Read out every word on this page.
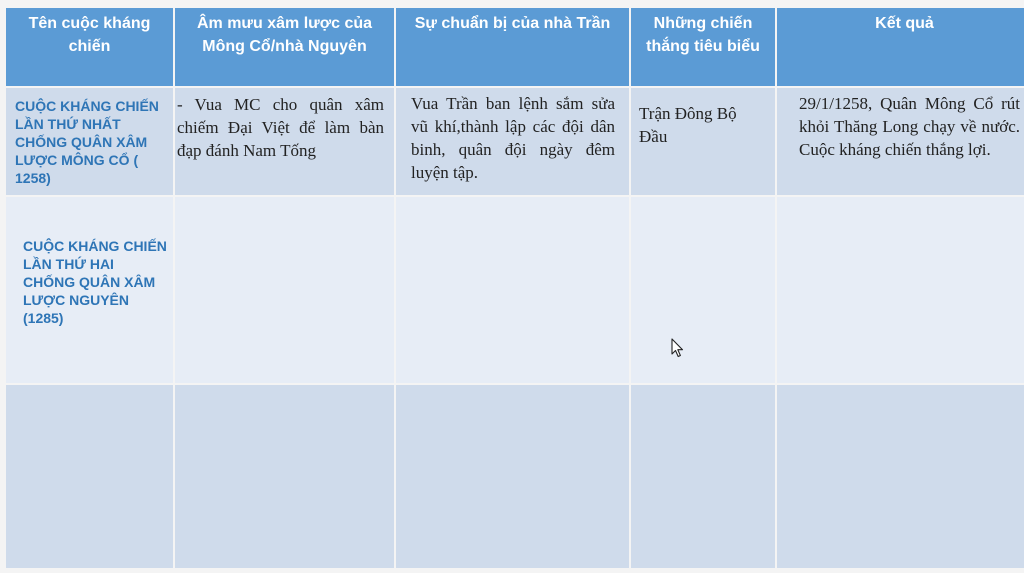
Tên cuộc kháng chiến
Âm mưu xâm lược của Mông Cổ/nhà Nguyên
Sự chuẩn bị của nhà Trần	Những chiến thắng tiêu biểu
Kết quả
CUỘC KHÁNG CHIẾN LẦN THỨ NHẤT CHỐNG QUÂN XÂM LƯỢC MÔNG CỔ ( 1258)
- Vua MC cho quân xâm chiếm Đại Việt để làm bàn đạp đánh Nam Tống
Vua Trần ban lệnh sắm sửa vũ khí,thành lập các đội dân binh, quân đội ngày đêm luyện tập.
Trận Đông Bộ Đầu
29/1/1258, Quân Mông Cổ rút khỏi Thăng Long chạy về nước. Cuộc kháng chiến thắng lợi.
CUỘC KHÁNG CHIẾN LẦN THỨ HAI CHỐNG QUÂN XÂM LƯỢC NGUYÊN (1285)
